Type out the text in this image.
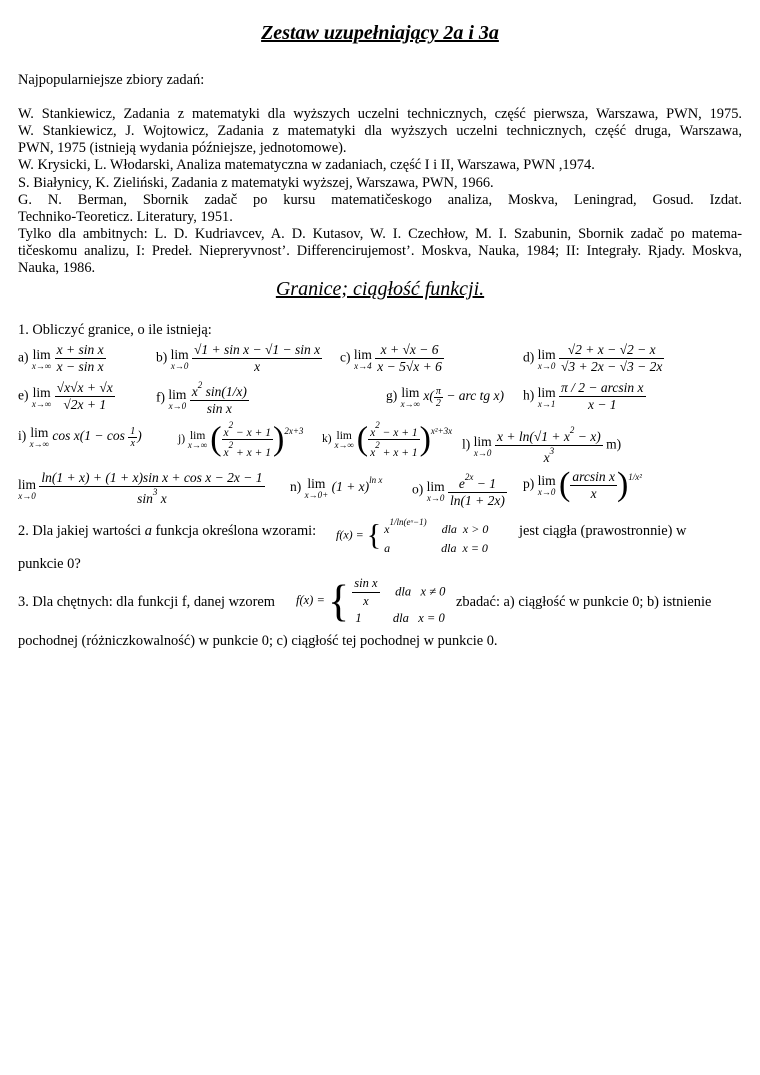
Zestaw uzupełniający 2a i 3a
Najpopularniejsze zbiory zadań:
W. Stankiewicz, Zadania z matematyki dla wyższych uczelni technicznych, część pierwsza, Warszawa, PWN, 1975.
W. Stankiewicz, J. Wojtowicz, Zadania z matematyki dla wyższych uczelni technicznych, część druga, Warszawa,
PWN, 1975 (istnieją wydania późniejsze, jednotomowe).
W. Krysicki, L. Włodarski, Analiza matematyczna w zadaniach, część I i II, Warszawa, PWN ,1974.
S. Białynicy, K. Zieliński, Zadania z matematyki wyższej, Warszawa, PWN, 1966.
G. N. Berman, Sbornik zadač po kursu matematičeskogo analiza, Moskva, Leningrad, Gosud. Izdat.
Techniko-Teoreticz. Literatury, 1951.
Tylko dla ambitnych: L. D. Kudriavcev, A. D. Kutasov, W. I. Czechłow, M. I. Szabunin, Sbornik zadač po matema-
tičeskomu analizu, I: Predeł. Niepreryvnost’. Differencirujemost’. Moskva, Nauka, 1984; II: Integrały. Rjady. Moskva,
Nauka, 1986.
Granice; ciągłość funkcji.
1. Obliczyć granice, o ile istnieją:
a) lim
x→∞
$\frac{\text{x + sin x}}{\text{x − sin x}}$	b) lim
x→0
$\frac{\text{√1 + sin x − √1 − sin x}}{x} c$) lim
x→4
$\frac{x + √x - 6}{x - 5√x + 6}$	d) lim
x→0
$\frac{√2 + x - √2 - x}{√3 + 2x - √3 - 2x}$
e) lim
x→∞
$\frac{√x√x + √x}{√2x + 1}$	f) lim
x→0
$\frac{x^2 \sin(1/x)}{\text{sin x}}$	g) lim
x→∞
$x( \frac{\pi}{2}$ − arc tg x) h) lim
x→1
$\frac{\text{π / 2 − arcsin x}}{x - 1}$
i) lim
x→∞
$\cos x(1 - \cos \frac{1}{x}$ )	j) lim
x→∞ ( $\frac{x^2 - x + 1}{x^2 + x + 1} )^{2x+3}$
k) lim
x→∞ ( $\frac{x^2 - x + 1}{x^2 + x + 1} )^{x^2+3x}$
l) lim
x→0
$\frac{x + \ln(√1 + x^2 - x)}{x^3} m$)
lim
x→0
$\frac{\text{ln(1 + x) + (1 + x)sin x + cos x − 2x − 1}}{\sin^3 x} n$) lim
x→0+
$(1 + x)^{ln x}$
o) lim
x→0
$\frac{e^{2x} - 1}{\ln(1 + 2x)} p$) lim
x→0 ( $\frac{\text{arcsin x}}{x} )^{1/x^2}$
2. Dla jakiej wartości a funkcja określona wzorami: f(x) = { $x^{1/ln(eˣ-1)}$     dla  x > 0
a                 dla  x = 0
jest ciągła (prawostronnie) w
punkcie 0?
3. Dla chętnych: dla funkcji f, danej wzorem f(x) = { $\frac{\text{sin x}}{x}$ dla   x ≠ 0
1          dla   x = 0
zbadać: a) ciągłość w punkcie 0; b) istnienie
pochodnej (różniczkowalność) w punkcie 0; c) ciągłość tej pochodnej w punkcie 0.
